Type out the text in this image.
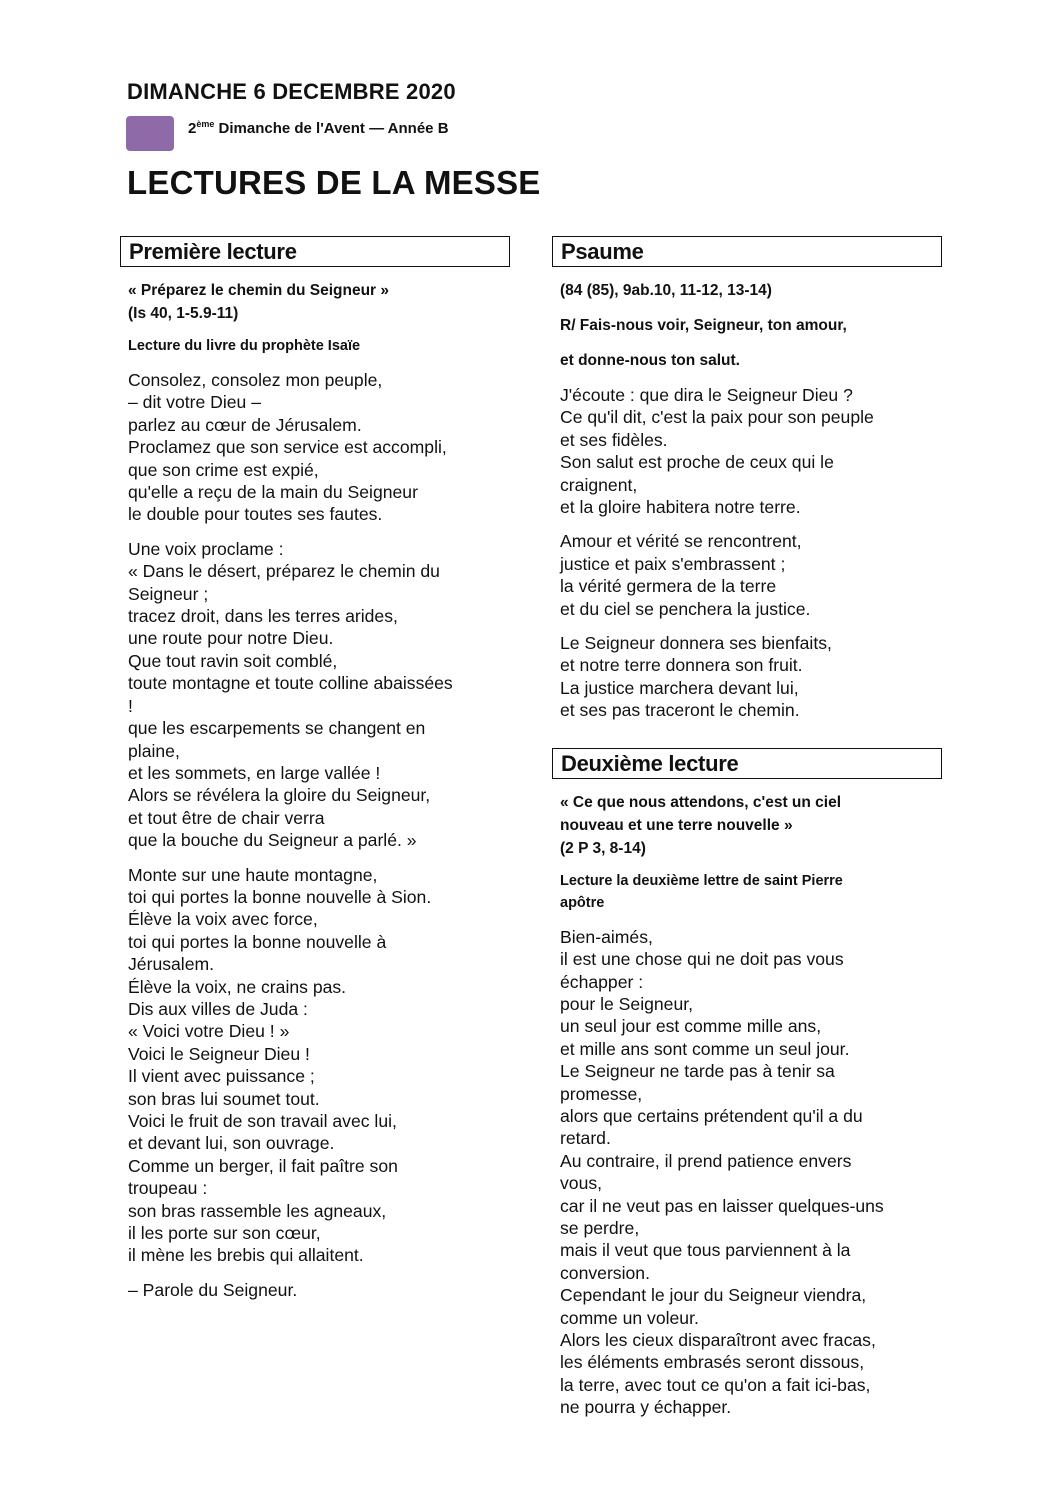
DIMANCHE 6 DECEMBRE 2020
2ème Dimanche de l'Avent — Année B
LECTURES DE LA MESSE
Première lecture
« Préparez le chemin du Seigneur »
(Is 40, 1-5.9-11)
Lecture du livre du prophète Isaïe
Consolez, consolez mon peuple,
– dit votre Dieu –
parlez au cœur de Jérusalem.
Proclamez que son service est accompli,
que son crime est expié,
qu'elle a reçu de la main du Seigneur
le double pour toutes ses fautes.
Une voix proclame :
« Dans le désert, préparez le chemin du
Seigneur ;
tracez droit, dans les terres arides,
une route pour notre Dieu.
Que tout ravin soit comblé,
toute montagne et toute colline abaissées
!
que les escarpements se changent en
plaine,
et les sommets, en large vallée !
Alors se révélera la gloire du Seigneur,
et tout être de chair verra
que la bouche du Seigneur a parlé. »
Monte sur une haute montagne,
toi qui portes la bonne nouvelle à Sion.
Élève la voix avec force,
toi qui portes la bonne nouvelle à
Jérusalem.
Élève la voix, ne crains pas.
Dis aux villes de Juda :
« Voici votre Dieu ! »
Voici le Seigneur Dieu !
Il vient avec puissance ;
son bras lui soumet tout.
Voici le fruit de son travail avec lui,
et devant lui, son ouvrage.
Comme un berger, il fait paître son
troupeau :
son bras rassemble les agneaux,
il les porte sur son cœur,
il mène les brebis qui allaitent.
– Parole du Seigneur.
Psaume
(84 (85), 9ab.10, 11-12, 13-14)
R/ Fais-nous voir, Seigneur, ton amour,
et donne-nous ton salut.
J'écoute : que dira le Seigneur Dieu ?
Ce qu'il dit, c'est la paix pour son peuple
et ses fidèles.
Son salut est proche de ceux qui le
craignent,
et la gloire habitera notre terre.
Amour et vérité se rencontrent,
justice et paix s'embrassent ;
la vérité germera de la terre
et du ciel se penchera la justice.
Le Seigneur donnera ses bienfaits,
et notre terre donnera son fruit.
La justice marchera devant lui,
et ses pas traceront le chemin.
Deuxième lecture
« Ce que nous attendons, c'est un ciel
nouveau et une terre nouvelle »
(2 P 3, 8-14)
Lecture la deuxième lettre de saint Pierre
apôtre
Bien-aimés,
il est une chose qui ne doit pas vous
échapper :
pour le Seigneur,
un seul jour est comme mille ans,
et mille ans sont comme un seul jour.
Le Seigneur ne tarde pas à tenir sa
promesse,
alors que certains prétendent qu'il a du
retard.
Au contraire, il prend patience envers
vous,
car il ne veut pas en laisser quelques-uns
se perdre,
mais il veut que tous parviennent à la
conversion.
Cependant le jour du Seigneur viendra,
comme un voleur.
Alors les cieux disparaîtront avec fracas,
les éléments embrasés seront dissous,
la terre, avec tout ce qu'on a fait ici-bas,
ne pourra y échapper.
